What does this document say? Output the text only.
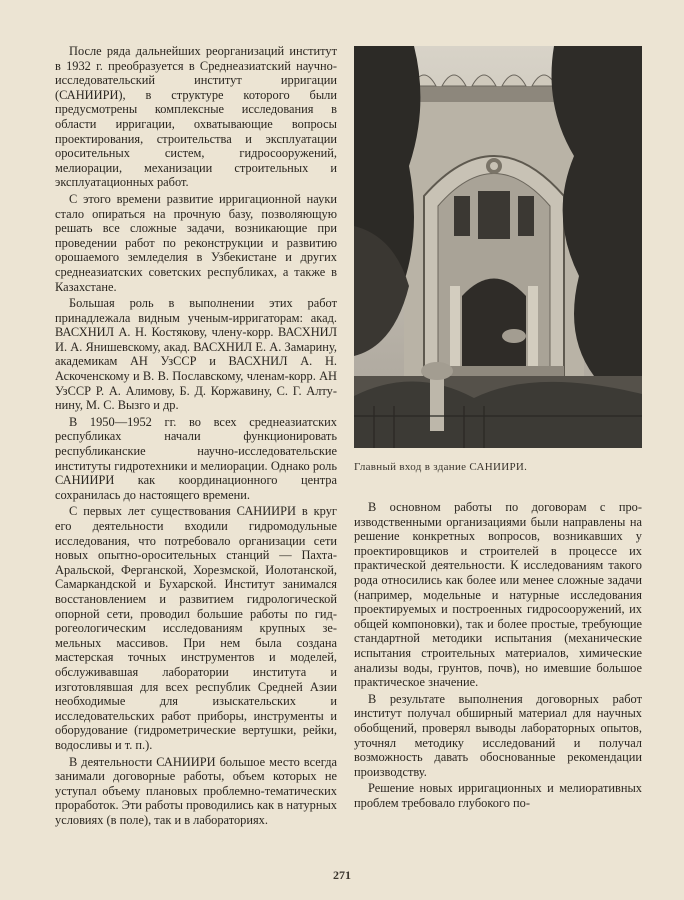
После ряда дальнейших реорганизаций институт в 1932 г. преобразуется в Среднеазиатский научно-исследовательский институт ирригации (САНИИРИ), в структуре которого были предусмотрены комплексные исследования в области ирригации, охватывающие вопросы проектирования, строительства и эксплуатации оросительных систем, гидросооружений, мелиорации, механизации строительных и эксплуатационных работ.

С этого времени развитие ирригационной науки стало опираться на прочную базу, позволяющую решать все сложные задачи, возникающие при проведении работ по реконструкции и развитию орошаемого земледелия в Узбекистане и других среднеазиатских советских республиках, а также в Казахстане.

Большая роль в выполнении этих работ принадлежала видным ученым-ирригаторам: акад. ВАСХНИЛ А. Н. Костякову, члену-корр. ВАСХНИЛ И. А. Янишевскому, акад. ВАСХНИЛ Е. А. Замарину, академикам АН УзССР и ВАСХНИЛ А. Н. Аскоченскому и В. В. Пославскому, членам-корр. АН УзССР Р. А. Алимову, Б. Д. Коржавину, С. Г. Алтунину, М. С. Вызго и др.

В 1950—1952 гг. во всех среднеазиатских республиках начали функционировать республиканские научно-исследовательские институты гидротехники и мелиорации. Однако роль САНИИРИ как координационного центра сохранилась до настоящего времени.

С первых лет существования САНИИРИ в круг его деятельности входили гидромодульные исследования, что потребовало организации сети новых опытно-оросительных станций — Пахта-Аральской, Ферганской, Хорезмской, Иолотанской, Самаркандской и Бухарской. Институт занимался восстановлением и развитием гидрологической опорной сети, проводил большие работы по гидрогеологическим исследованиям крупных земельных массивов. При нем была создана мастерская точных инструментов и моделей, обслуживавшая лаборатории института и изготовлявшая для всех республик Средней Азии необходимые для изыскательских и исследовательских работ приборы, инструменты и оборудование (гидрометрические вертушки, рейки, водосливы и т. п.).

В деятельности САНИИРИ большое место всегда занимали договорные работы, объем которых не уступал объему плановых проблемно-тематических проработок. Эти работы проводились как в натурных условиях (в поле), так и в лабораториях.

Главный вход в здание САНИИРИ.

В основном работы по договорам с производственными организациями были направлены на решение конкретных вопросов, возникавших у проектировщиков и строителей в процессе их практической деятельности. К исследованиям такого рода относились как более или менее сложные задачи (например, модельные и натурные исследования проектируемых и построенных гидросооружений, их общей компоновки), так и более простые, требующие стандартной методики испытания (механические испытания строительных материалов, химические анализы воды, грунтов, почв), но имевшие большое практическое значение.

В результате выполнения договорных работ институт получал обширный материал для научных обобщений, проверял выводы лабораторных опытов, уточнял методику исследований и получал возможность давать обоснованные рекомендации производству.

Решение новых ирригационных и мелиоративных проблем требовало глубокого по-

271
